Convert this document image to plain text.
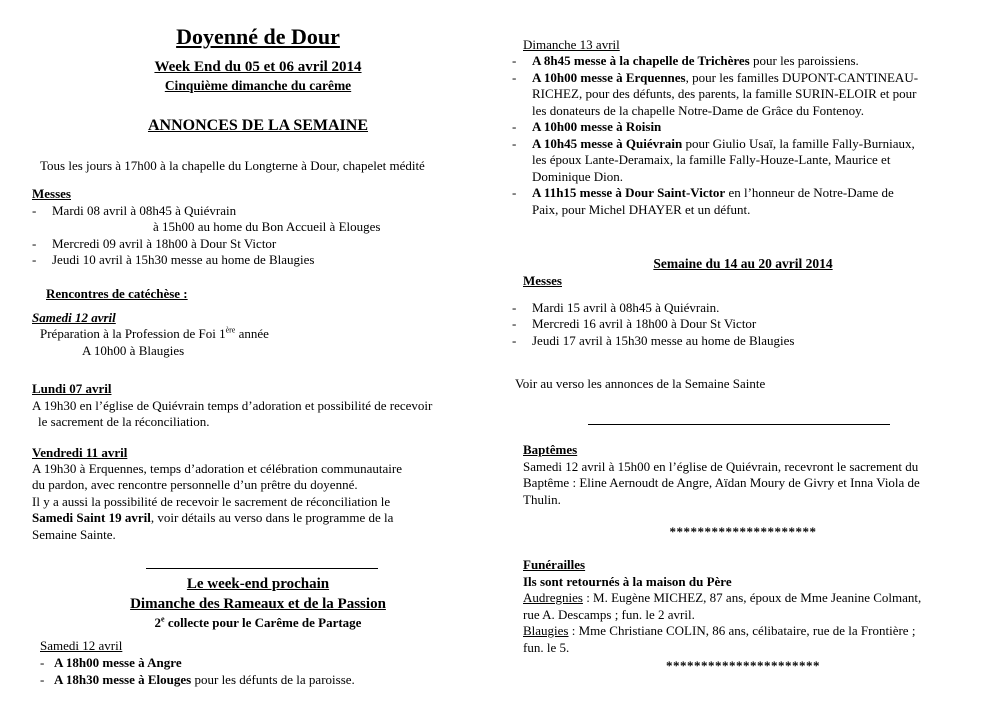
Doyenné de Dour
Week End du 05 et 06 avril 2014
Cinquième dimanche du carême
ANNONCES DE LA SEMAINE
Tous les jours à 17h00 à la chapelle du Longterne à Dour, chapelet médité
Messes
- Mardi 08 avril à 08h45 à Quiévrain
à 15h00 au home du Bon Accueil à Elouges
- Mercredi 09 avril à 18h00 à Dour St Victor
- Jeudi 10 avril à 15h30 messe au home de Blaugies
Rencontres de catéchèse :
Samedi 12 avril
Préparation à la Profession de Foi 1ère année
A 10h00 à Blaugies
Lundi 07 avril
A 19h30 en l’église de Quiévrain temps d’adoration et possibilité de recevoir
le sacrement de la réconciliation.
Vendredi 11 avril
A 19h30 à Erquennes, temps d’adoration et célébration communautaire
du pardon, avec rencontre personnelle d’un prêtre du doyenné.
Il y a aussi la possibilité de recevoir le sacrement de réconciliation le
Samedi Saint 19 avril, voir détails au verso dans le programme de la
Semaine Sainte.
Le week-end prochain
Dimanche des Rameaux et de la Passion
2e collecte pour le Carême de Partage
Samedi 12 avril
- A 18h00 messe à Angre
- A 18h30 messe à Elouges pour les défunts de la paroisse.
Dimanche 13 avril
- A 8h45 messe à la chapelle de Trichères pour les paroissiens.
- A 10h00 messe à Erquennes, pour les familles DUPONT-CANTINEAU-
RICHEZ, pour des défunts, des parents, la famille SURIN-ELOIR et pour
les donateurs de la chapelle Notre-Dame de Grâce du Fontenoy.
- A 10h00 messe à Roisin
- A 10h45 messe à Quiévrain pour Giulio Usaï, la famille Fally-Burniaux,
les époux Lante-Deramaix, la famille Fally-Houze-Lante, Maurice et
Dominique Dion.
- A 11h15 messe à Dour Saint-Victor en l’honneur de Notre-Dame de
Paix, pour Michel DHAYER et un défunt.
Semaine du 14 au 20 avril 2014
Messes
- Mardi 15 avril à 08h45 à Quiévrain.
- Mercredi 16 avril à 18h00 à Dour St Victor
- Jeudi 17 avril à 15h30 messe au home de Blaugies
Voir au verso les annonces de la Semaine Sainte
Baptêmes
Samedi 12 avril à 15h00 en l’église de Quiévrain, recevront le sacrement du
Baptême : Eline Aernoudt de Angre, Aïdan Moury de Givry et Inna Viola de
Thulin.
*********************
Funérailles
Ils sont retournés à la maison du Père
Audregnies : M. Eugène MICHEZ, 87 ans, époux de Mme Jeanine Colmant,
rue A. Descamps ; fun. le 2 avril.
Blaugies : Mme Christiane COLIN, 86 ans, célibataire, rue de la Frontière ;
fun. le 5.
**********************
